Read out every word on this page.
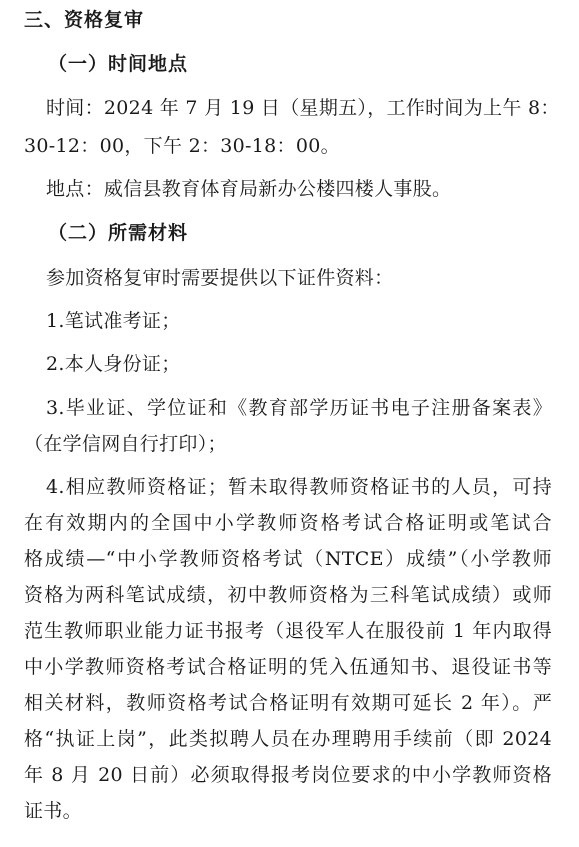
三、资格复审
（一）时间地点
时间：2024 年 7 月 19 日（星期五），工作时间为上午 8：
30-12：00，下午 2：30-18：00。
地点：威信县教育体育局新办公楼四楼人事股。
（二）所需材料
参加资格复审时需要提供以下证件资料：
1.笔试准考证；
2.本人身份证；
3.毕业证、学位证和《教育部学历证书电子注册备案表》
（在学信网自行打印）；
4.相应教师资格证；暂未取得教师资格证书的人员，可持
在有效期内的全国中小学教师资格考试合格证明或笔试合
格成绩—“中小学教师资格考试（NTCE）成绩”（小学教师
资格为两科笔试成绩，初中教师资格为三科笔试成绩）或师
范生教师职业能力证书报考（退役军人在服役前 1 年内取得
中小学教师资格考试合格证明的凭入伍通知书、退役证书等
相关材料，教师资格考试合格证明有效期可延长 2 年）。严
格“执证上岗”，此类拟聘人员在办理聘用手续前（即 2024
年 8 月 20 日前）必须取得报考岗位要求的中小学教师资格
证书。
